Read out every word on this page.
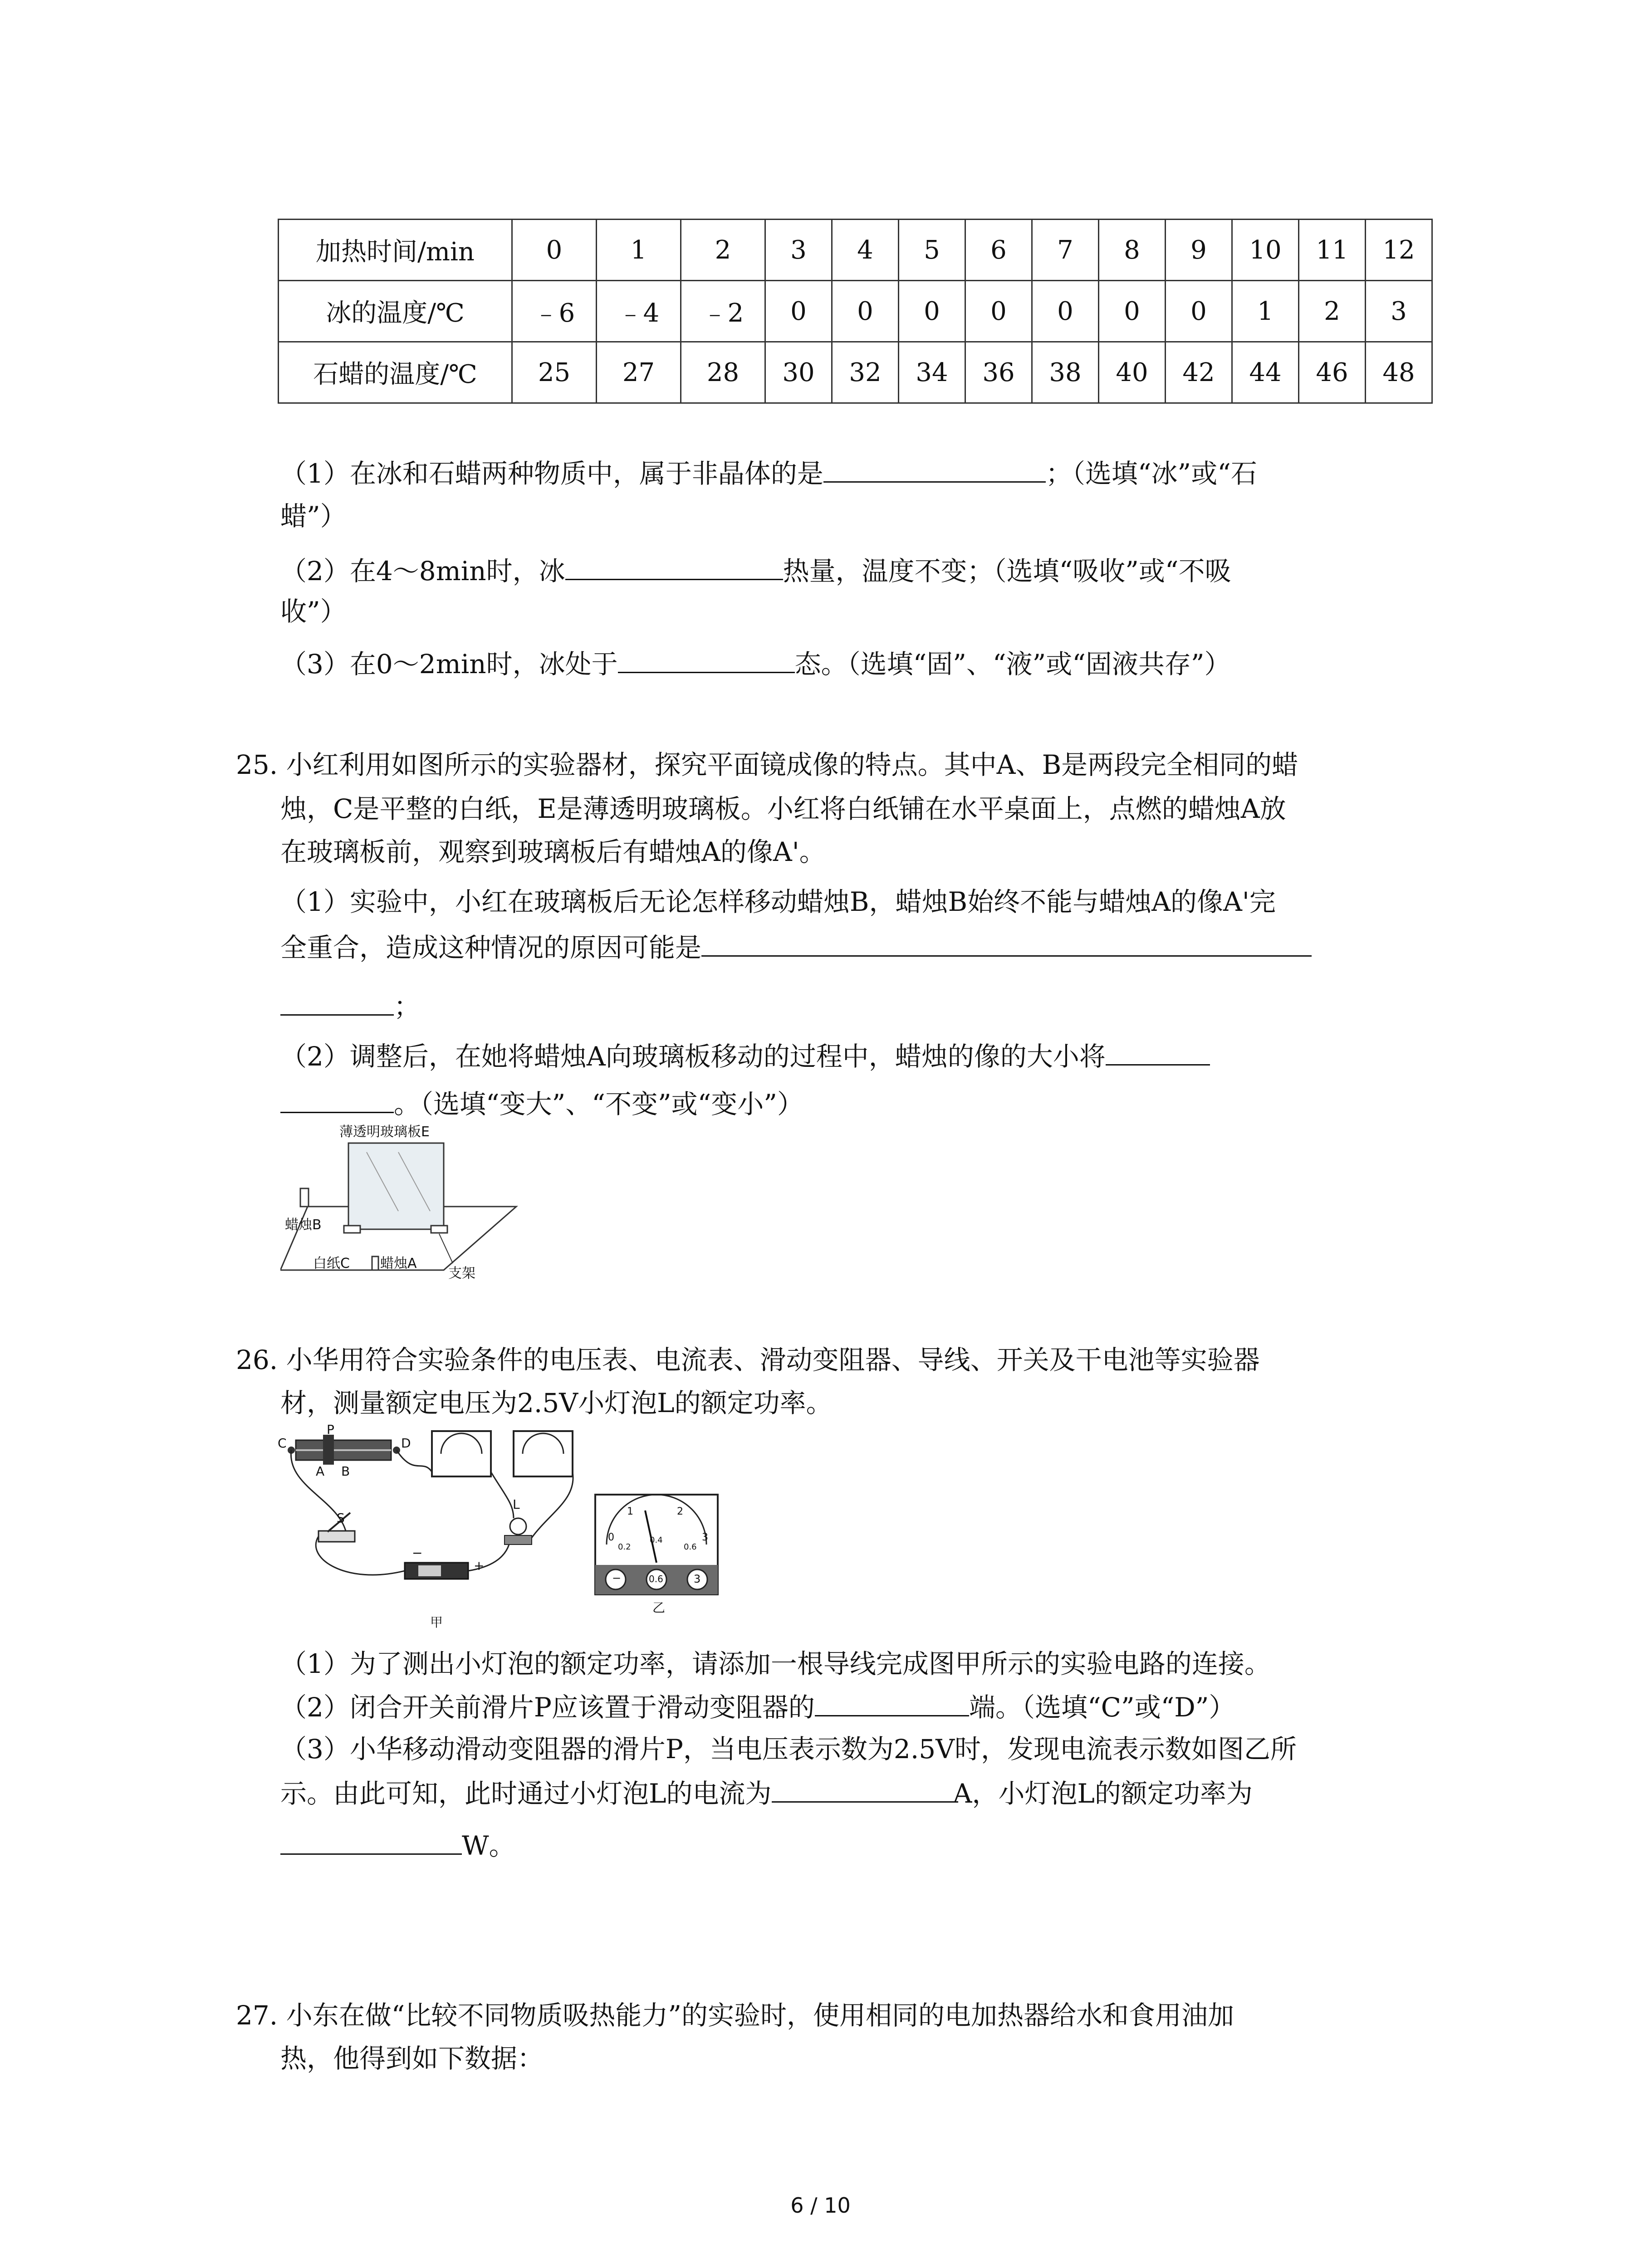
加热时间/min	0	1	2	3	4	5	6	7	8	9	10	11	12
冰的温度/℃	﹣6	﹣4	﹣2	0	0	0	0	0	0	0	1	2	3
石蜡的温度/℃	25	27	28	30	32	34	36	38	40	42	44	46	48
（1）在冰和石蜡两种物质中，属于非晶体的是	；（选填“冰”或“石
蜡”）
（2）在4～8min时，冰	热量，温度不变；（选填“吸收”或“不吸
收”）
（3）在0～2min时，冰处于	态。（选填“固”、“液”或“固液共存”）
25. 小红利用如图所示的实验器材，探究平面镜成像的特点。其中A、B是两段完全相同的蜡
烛，C是平整的白纸，E是薄透明玻璃板。小红将白纸铺在水平桌面上，点燃的蜡烛A放
在玻璃板前，观察到玻璃板后有蜡烛A的像A'。
（1）实验中，小红在玻璃板后无论怎样移动蜡烛B，蜡烛B始终不能与蜡烛A的像A'完
全重合，造成这种情况的原因可能是
；
（2）调整后，在她将蜡烛A向玻璃板移动的过程中，蜡烛的像的大小将
。（选填“变大”、“不变”或“变小”）
薄透明玻璃板E
蜡烛B
白纸C 蜡烛A
支架
26. 小华用符合实验条件的电压表、电流表、滑动变阻器、导线、开关及干电池等实验器
材，测量额定电压为2.5V小灯泡L的额定功率。
C
P
D
A B
S
L
−
+
甲
乙
0
1	2
3
0.2
0.4
0.6
−	0.6	3
（1）为了测出小灯泡的额定功率，请添加一根导线完成图甲所示的实验电路的连接。
（2）闭合开关前滑片P应该置于滑动变阻器的	端。（选填“C”或“D”）
（3）小华移动滑动变阻器的滑片P，当电压表示数为2.5V时，发现电流表示数如图乙所
示。由此可知，此时通过小灯泡L的电流为	A，小灯泡L的额定功率为
W。
27. 小东在做“比较不同物质吸热能力”的实验时，使用相同的电加热器给水和食用油加
热，他得到如下数据：
6 / 10
